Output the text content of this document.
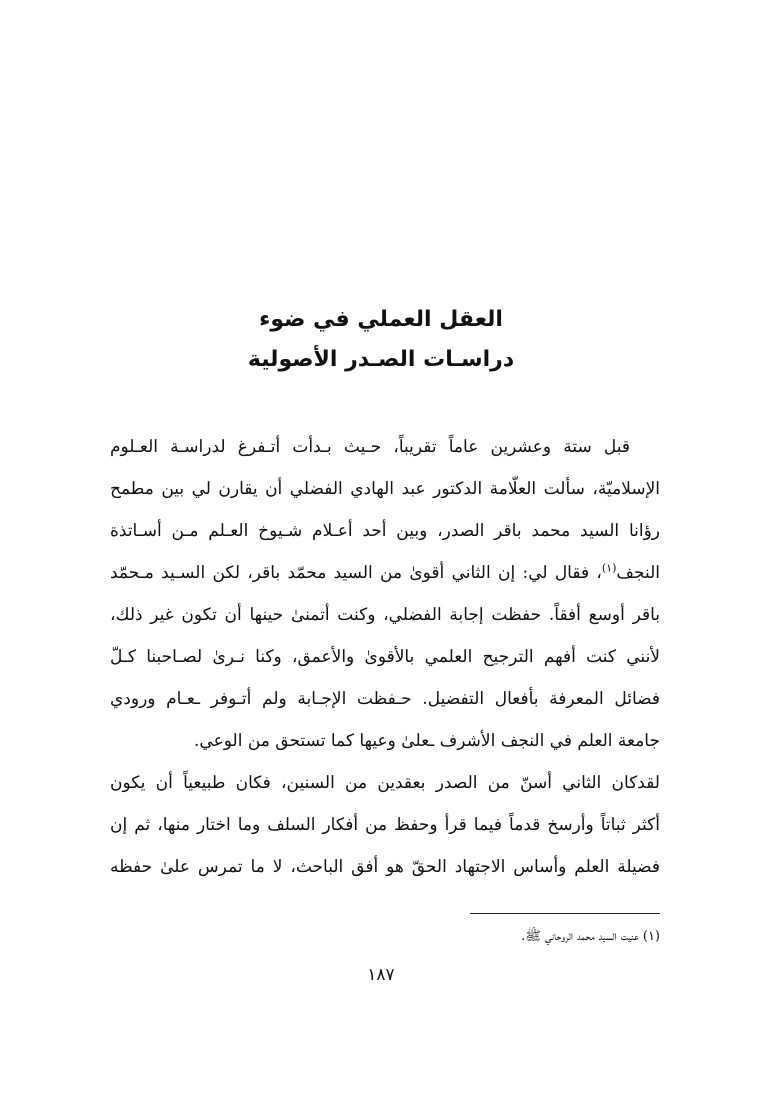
العقل العملي في ضوء

دراسـات الصـدر الأصولية

قبل ستة وعشرين عاماً تقريباً، حـيث بـدأت أتـفرغ لدراسـة العـلوم
الإسلاميّة، سألت العلّامة الدكتور عبد الهادي الفضلي أن يقارن لي بين مطمح
رؤانا السيد محمد باقر الصدر، وبين أحد أعـلام شـيوخ العـلم مـن أسـاتذة
النجف$^{(١)}$، فقال لي: إن الثاني أقوىٰ من السيد محمّد باقر، لكن السـيد مـحمّد
باقر أوسع أفقاً. حفظت إجابة الفضلي، وكنت أتمنىٰ حينها أن تكون غير ذلك،
لأنني كنت أفهم الترجيح العلمي بالأقوىٰ والأعمق، وكنا نـرىٰ لصـاحبنا كـلّ
فضائل المعرفة بأفعال التفضيل. حـفظت الإجـابة ولم أتـوفر ـعـام ورودي
جامعة العلم في النجف الأشرف ـعلىٰ وعيها كما تستحق من الوعي.
لقدكان الثاني أسنّ من الصدر بعقدين من السنين، فكان طبيعياً أن يكون
أكثر ثباتاً وأرسخ قدماً فيما قرأ وحفظ من أفكار السلف وما اختار منها، ثم إن
فضيلة العلم وأساس الاجتهاد الحقّ هو أفق الباحث، لا ما تمرس علىٰ حفظه
(١) عنيت السيد محمد الروحاني ﷺ.
١٨٧
